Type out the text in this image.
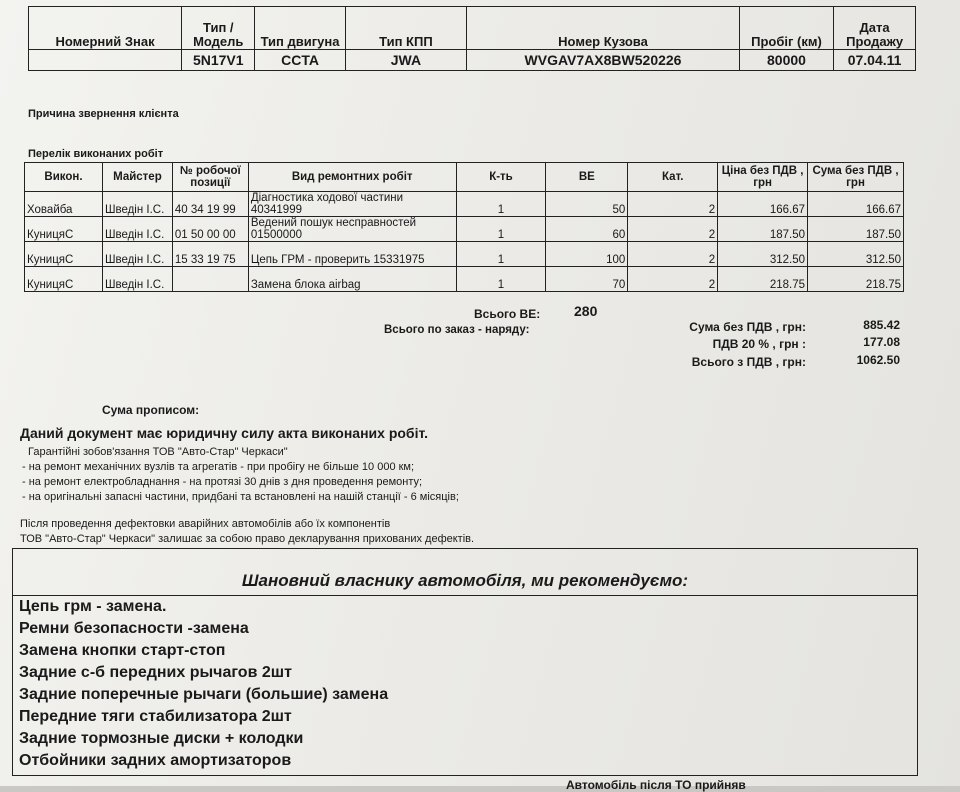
Номерний Знак	Тип / Модель	Тип двигуна	Тип КПП	Номер Кузова	Пробіг (км)	Дата Продажу
	5N17V1	CCTA	JWA	WVGAV7AX8BW520226	80000	07.04.11
Причина звернення клієнта
Перелік виконаних робіт
Викон.	Майстер	№ робочої позиції	Вид ремонтних робіт	К-ть	ВЕ	Кат.	Ціна без ПДВ , грн	Сума без ПДВ , грн
Ховайба	Шведін І.С.	40 34 19 99	Діагностика ходової частини 40341999	1	50	2	166.67	166.67
КуницяС	Шведін І.С.	01 50 00 00	Ведений пошук несправностей 01500000	1	60	2	187.50	187.50
КуницяС	Шведін І.С.	15 33 19 75	Цепь ГРМ - проверить 15331975	1	100	2	312.50	312.50
КуницяС	Шведін І.С.		Замена блока airbag	1	70	2	218.75	218.75
Всього ВЕ: 280
Всього по заказ - наряду:	Сума без ПДВ , грн:	885.42
ПДВ 20 % , грн :	177.08
Всього з ПДВ , грн:	1062.50
Сума прописом:
Даний документ має юридичну силу акта виконаних робіт.
Гарантійні зобов'язання ТОВ "Авто-Стар" Черкаси"
- на ремонт механічних вузлів та агрегатів - при пробігу не більше 10 000 км;
- на ремонт електробладнання - на протязі 30 днів з дня проведення ремонту;
- на оригінальні запасні частини, придбані та встановлені на нашій станції - 6 місяців;
Після проведення дефектовки аварійних автомобілів або їх компонентів
ТОВ "Авто-Стар" Черкаси" залишає за собою право декларування прихованих дефектів.
Шановний власнику автомобіля, ми рекомендуємо:
Цепь грм - замена.
Ремни безопасности -замена
Замена кнопки старт-стоп
Задние с-б передних рычагов 2шт
Задние поперечные рычаги (большие) замена
Передние тяги стабилизатора 2шт
Задние тормозные диски + колодки
Отбойники задних амортизаторов
Автомобіль після ТО прийняв
